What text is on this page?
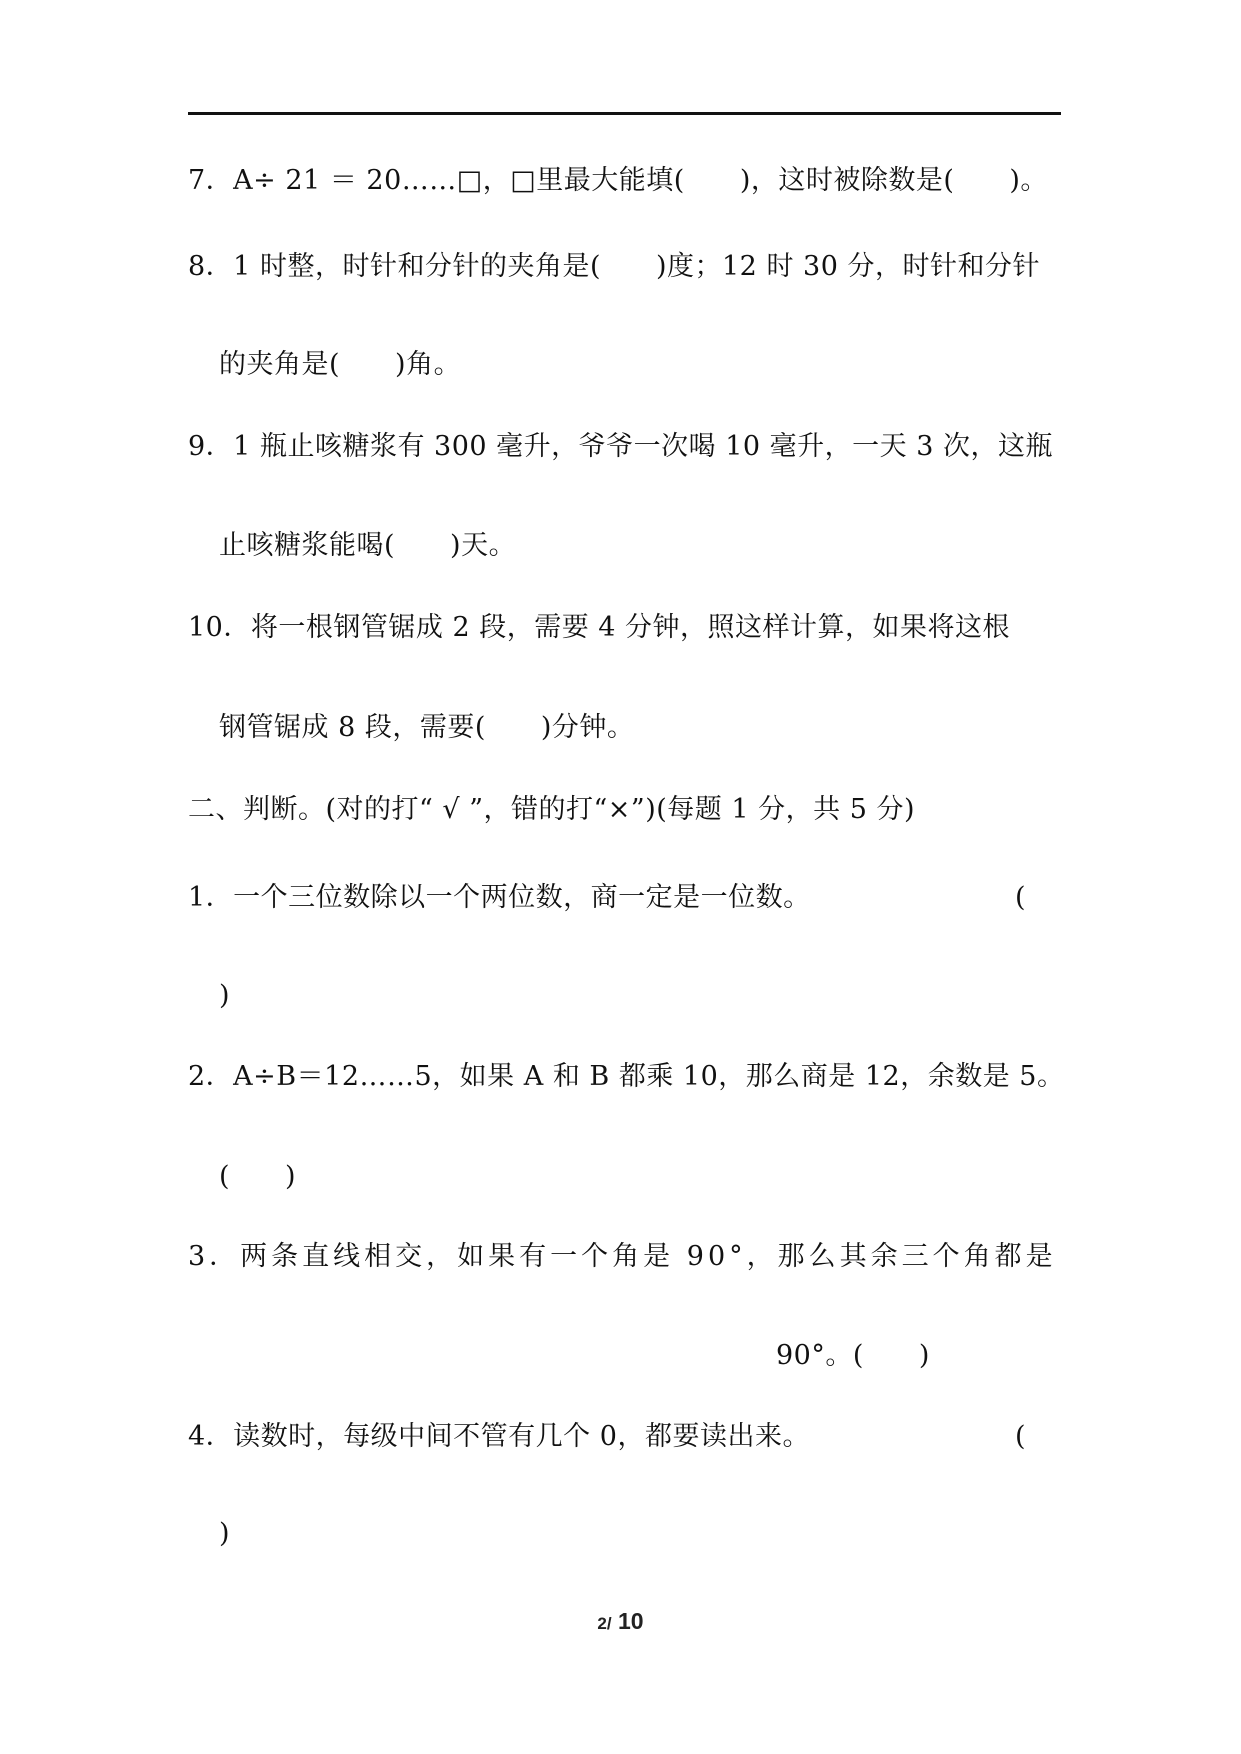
7．A÷ 21 ＝ 20……□，□里最大能填(　　)，这时被除数是(　　)。
8．1 时整，时针和分针的夹角是(　　)度；12 时 30 分，时针和分针
的夹角是(　　)角。
9．1 瓶止咳糖浆有 300 毫升，爷爷一次喝 10 毫升，一天 3 次，这瓶
止咳糖浆能喝(　　)天。
10．将一根钢管锯成 2 段，需要 4 分钟，照这样计算，如果将这根
钢管锯成 8 段，需要(　　)分钟。
二、判断。(对的打“ √ ”，错的打“×”)(每题 1 分，共 5 分)
1．一个三位数除以一个两位数，商一定是一位数。	(
)
2．A÷B＝12……5，如果 A 和 B 都乘 10，那么商是 12，余数是 5。
(　　)
3．两条直线相交，如果有一个角是 90°，那么其余三个角都是
90°。(　　)
4．读数时，每级中间不管有几个 0，都要读出来。	(
)
2/ 10
